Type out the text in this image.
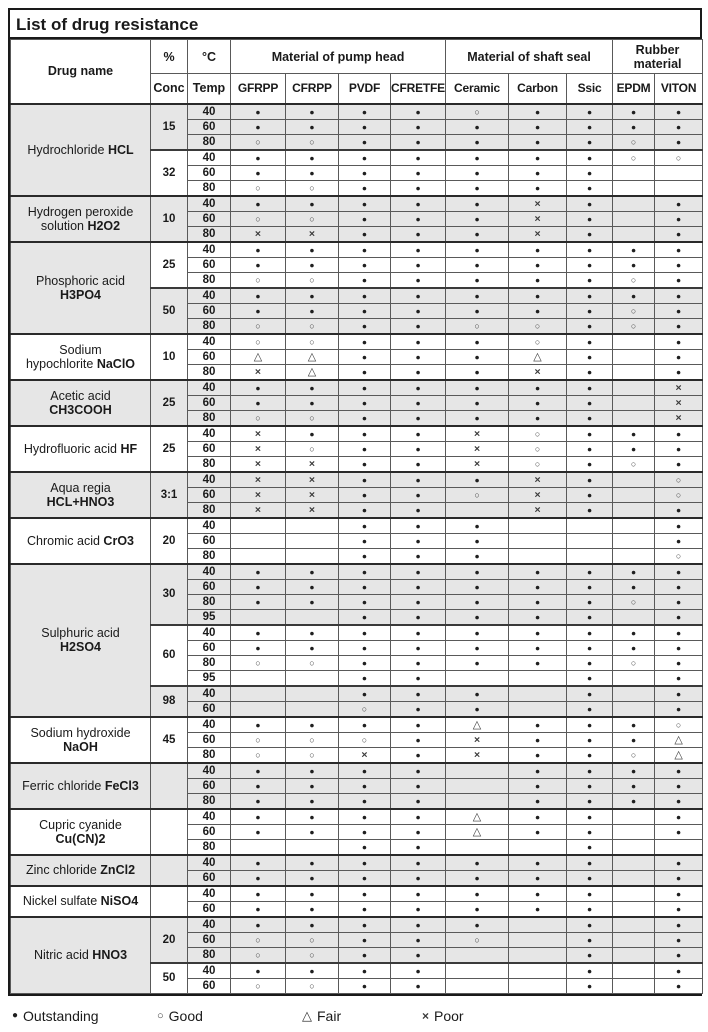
List of drug resistance
Drug name	%	°C	Material of pump head				Material of shaft seal			Rubber material	
	Conc	Temp	GFRPP	CFRPP	PVDF	CFRETFE	Ceramic	Carbon	Ssic	EPDM	VITON

Hydrochloride HCL	15	40	●	●	●	●	○	●	●	●	●
		60	●	●	●	●	●	●	●	●	●
		80	○	○	●	●	●	●	●	○	●
	32	40	●	●	●	●	●	●	●	○	○
		60	●	●	●	●	●	●	●		
		80	○	○	●	●	●	●	●		

Hydrogen peroxide
solution H2O2	10	40	●	●	●	●	●	×	●		●
		60	○	○	●	●	●	×	●		●
		80	×	×	●	●	●	×	●		●

Phosphoric acid
H3PO4	25	40	●	●	●	●	●	●	●	●	●
		60	●	●	●	●	●	●	●	●	●
		80	○	○	●	●	●	●	●	○	●
	50	40	●	●	●	●	●	●	●	●	●
		60	●	●	●	●	●	●	●	○	●
		80	○	○	●	●	○	○	●	○	●

Sodium
hypochlorite NaClO	10	40	○	○	●	●	●	○	●		●
		60	△	△	●	●	●	△	●		●
		80	×	△	●	●	●	×	●		●

Acetic acid
CH3COOH	25	40	●	●	●	●	●	●	●		×
		60	●	●	●	●	●	●	●		×
		80	○	○	●	●	●	●	●		×

Hydrofluoric acid HF	25	40	×	●	●	●	×	○	●	●	●
		60	×	○	●	●	×	○	●	●	●
		80	×	×	●	●	×	○	●	○	●

Aqua regia
HCL+HNO3	3:1	40	×	×	●	●	●	×	●		○
		60	×	×	●	●	○	×	●		○
		80	×	×	●	●		×	●		●

Chromic acid CrO3	20	40			●	●	●				●
		60			●	●	●				●
		80			●	●	●				○

Sulphuric acid
H2SO4	30	40	●	●	●	●	●	●	●	●	●
		60	●	●	●	●	●	●	●	●	●
		80	●	●	●	●	●	●	●	○	●
		95			●	●	●	●	●		●
	60	40	●	●	●	●	●	●	●	●	●
		60	●	●	●	●	●	●	●	●	●
		80	○	○	●	●	●	●	●	○	●
		95			●	●			●		●
	98	40			●	●	●		●		●
		60			○	●	●		●		●

Sodium hydroxide
NaOH	45	40	●	●	●	●	△	●	●	●	○
		60	○	○	○	●	×	●	●	●	△
		80	○	○	×	●	×	●	●	○	△

Ferric chloride FeCl3		40	●	●	●	●		●	●	●	●
		60	●	●	●	●		●	●	●	●
		80	●	●	●	●		●	●	●	●

Cupric cyanide
Cu(CN)2		40	●	●	●	●	△	●	●		●
		60	●	●	●	●	△	●	●		●
		80			●	●			●		

Zinc chloride ZnCl2		40	●	●	●	●	●	●	●		●
		60	●	●	●	●	●	●	●		●

Nickel sulfate NiSO4		40	●	●	●	●	●	●	●		●
		60	●	●	●	●	●	●	●		●

Nitric acid HNO3	20	40	●	●	●	●	●		●		●
		60	○	○	●	●	○		●		●
		80	○	○	●	●			●		●
	50	40	●	●	●	●			●		●
		60	○	○	●	●			●		●
● Outstanding	○ Good	△ Fair	× Poor
